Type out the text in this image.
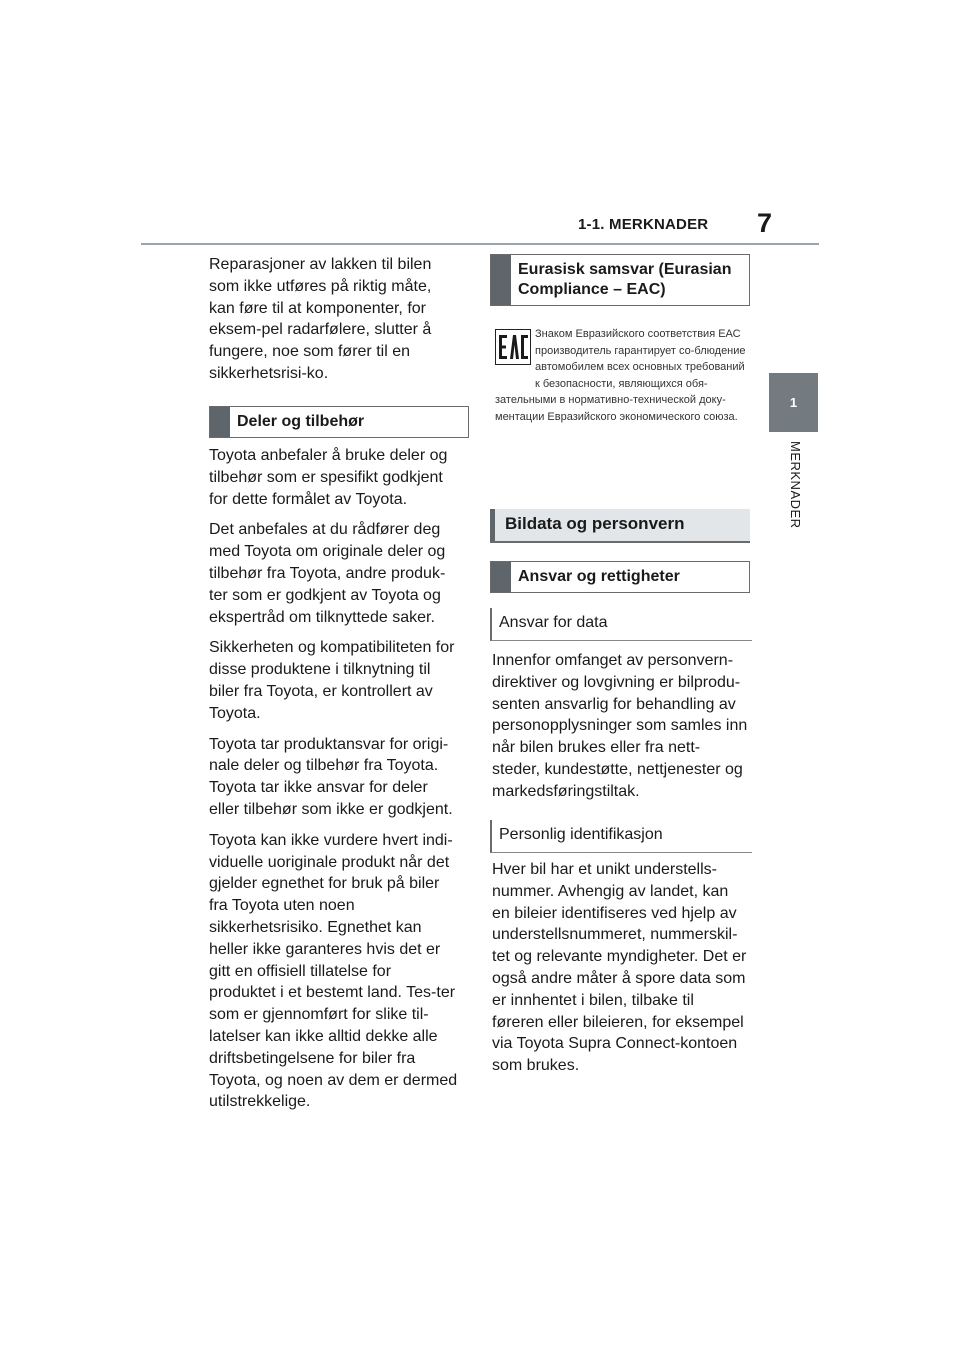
1-1. MERKNADER 7
1
MERKNADER

Reparasjoner av lakken til bilen som ikke utføres på riktig måte, kan føre til at komponenter, for eksem-pel radarfølere, slutter å fungere, noe som fører til en sikkerhetsrisi-ko.

Deler og tilbehør

Toyota anbefaler å bruke deler og tilbehør som er spesifikt godkjent for dette formålet av Toyota.

Det anbefales at du rådfører deg med Toyota om originale deler og tilbehør fra Toyota, andre produk-ter som er godkjent av Toyota og ekspertråd om tilknyttede saker.

Sikkerheten og kompatibiliteten for disse produktene i tilknytning til biler fra Toyota, er kontrollert av Toyota.

Toyota tar produktansvar for origi-nale deler og tilbehør fra Toyota. Toyota tar ikke ansvar for deler eller tilbehør som ikke er godkjent.

Toyota kan ikke vurdere hvert indi-viduelle uoriginale produkt når det gjelder egnethet for bruk på biler fra Toyota uten noen sikkerhetsrisiko. Egnethet kan heller ikke garanteres hvis det er gitt en offisiell tillatelse for produktet i et bestemt land. Tes-ter som er gjennomført for slike til-latelser kan ikke alltid dekke alle driftsbetingelsene for biler fra Toyota, og noen av dem er dermed utilstrekkelige.

Eurasisk samsvar (Eurasian Compliance – EAC)
Знаком Евразийского соответствия ЕАС производитель гарантирует со-блюдение автомобилем всех основных требований к безопасности, являющихся обя-зательными в нормативно-технической доку-ментации Евразийского экономического союза.
Bildata og personvern
Ansvar og rettigheter
Ansvar for data

Innenfor omfanget av personvern-direktiver og lovgivning er bilprodu-senten ansvarlig for behandling av personopplysninger som samles inn når bilen brukes eller fra nett-steder, kundestøtte, nettjenester og markedsføringstiltak.

Personlig identifikasjon

Hver bil har et unikt understells-nummer. Avhengig av landet, kan en bileier identifiseres ved hjelp av understellsnummeret, nummerskil-tet og relevante myndigheter. Det er også andre måter å spore data som er innhentet i bilen, tilbake til føreren eller bileieren, for eksempel via Toyota Supra Connect-kontoen som brukes.
